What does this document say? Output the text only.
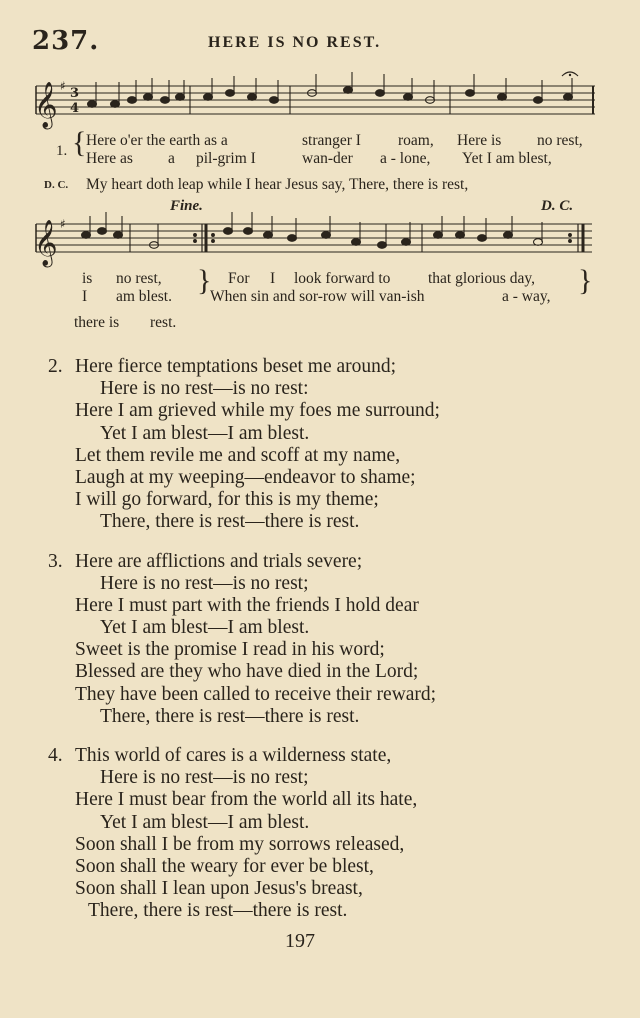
237.	HERE IS NO REST.
𝄞 ♯ 3
4
1. { Here o'er the earth as a	stranger I roam, Here is no rest,
Here as a pil-grim I	wan-der a - lone, Yet I am blest,
D. C. My heart doth leap while I hear Jesus say, There, there is rest,
Fine.	D. C.
𝄞 ♯
is no rest,	For I look forward to that glorious day,
}	}
I am blest. When sin and sor-row will van-ish	a - way,
there is rest.
2. Here fierce temptations beset me around;
Here is no rest—is no rest:
Here I am grieved while my foes me surround;
Yet I am blest—I am blest.
Let them revile me and scoff at my name,
Laugh at my weeping—endeavor to shame;
I will go forward, for this is my theme;
There, there is rest—there is rest.
3. Here are afflictions and trials severe;
Here is no rest—is no rest;
Here I must part with the friends I hold dear
Yet I am blest—I am blest.
Sweet is the promise I read in his word;
Blessed are they who have died in the Lord;
They have been called to receive their reward;
There, there is rest—there is rest.
4. This world of cares is a wilderness state,
Here is no rest—is no rest;
Here I must bear from the world all its hate,
Yet I am blest—I am blest.
Soon shall I be from my sorrows released,
Soon shall the weary for ever be blest,
Soon shall I lean upon Jesus's breast,
There, there is rest—there is rest.
197
